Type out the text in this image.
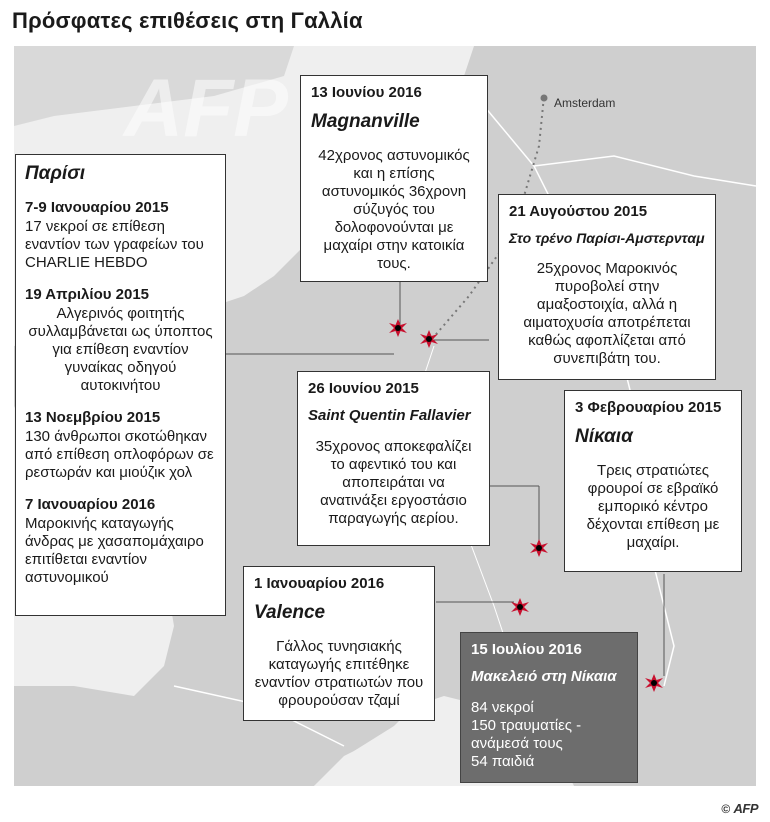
Πρόσφατες επιθέσεις στη Γαλλία
AFP	Amsterdam
Παρίσι
7-9 Ιανουαρίου 2015
17 νεκροί σε επίθεση εναντίον των γραφείων του CHARLIE HEBDO
19 Απριλίου 2015
Αλγερινός φοιτητής συλλαμβάνεται ως ύποπτος για επίθεση εναντίον γυναίκας οδηγού αυτοκινήτου
13 Νοεμβρίου 2015
130 άνθρωποι σκοτώθηκαν από επίθεση οπλοφόρων σε ρεστωράν και μιούζικ χολ
7 Ιανουαρίου 2016
Μαροκινής καταγωγής άνδρας με χασαπομάχαιρο επιτίθεται εναντίον αστυνομικού
13 Ιουνίου 2016
Magnanville
42χρονος αστυνομικός και η επίσης αστυνομικός 36χρονη σύζυγός του δολοφονούνται με μαχαίρι στην κατοικία τους.
21 Αυγούστου 2015
Στο τρένο Παρίσι-Αμστερνταμ
25χρονος Μαροκινός πυροβολεί στην αμαξοστοιχία, αλλά η αιματοχυσία αποτρέπεται καθώς αφοπλίζεται από συνεπιβάτη του.
26 Ιουνίου 2015
Saint Quentin Fallavier
35χρονος αποκεφαλίζει το αφεντικό του και αποπειράται να ανατινάξει εργοστάσιο παραγωγής αερίου.
3 Φεβρουαρίου 2015
Νίκαια
Τρεις στρατιώτες φρουροί σε εβραϊκό εμπορικό κέντρο δέχονται επίθεση με μαχαίρι.
1 Ιανουαρίου 2016
Valence
Γάλλος τυνησιακής καταγωγής επιτέθηκε εναντίον στρατιωτών που φρουρούσαν τζαμί
15 Ιουλίου 2016
Μακελειό στη Νίκαια
84 νεκροί
150 τραυματίες - ανάμεσά τους
54 παιδιά
© AFP
